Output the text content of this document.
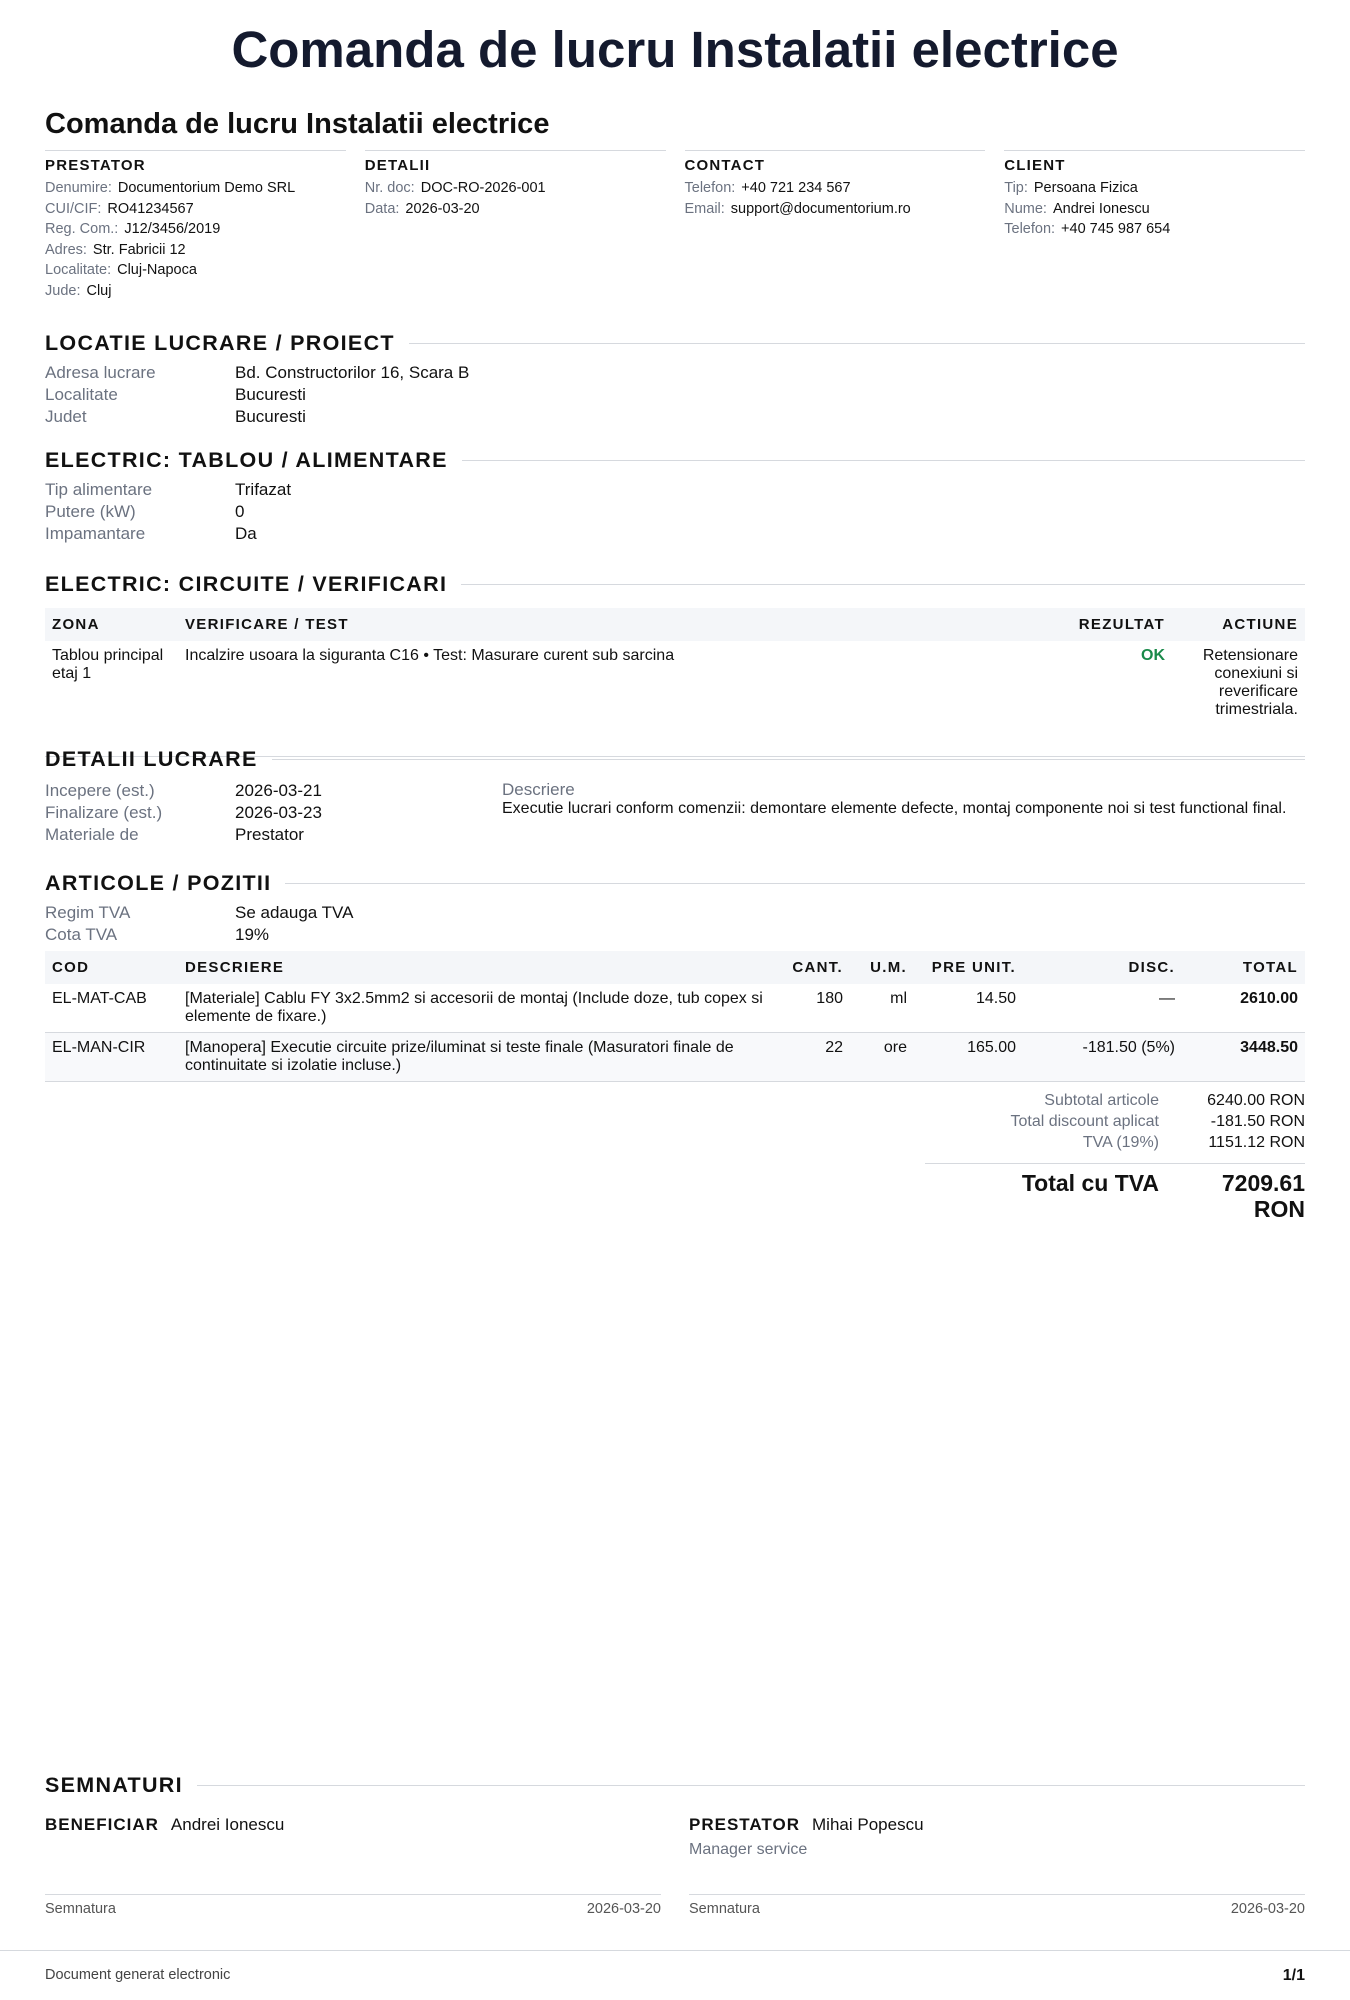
Comanda de lucru Instalatii electrice
Comanda de lucru Instalatii electrice
PRESTATOR
Denumire: Documentorium Demo SRL
CUI/CIF: RO41234567
Reg. Com.: J12/3456/2019
Adres: Str. Fabricii 12
Localitate: Cluj-Napoca
Jude: Cluj
DETALII
Nr. doc: DOC-RO-2026-001
Data: 2026-03-20
CONTACT
Telefon: +40 721 234 567
Email: support@documentorium.ro
CLIENT
Tip: Persoana Fizica
Nume: Andrei Ionescu
Telefon: +40 745 987 654
LOCATIE LUCRARE / PROIECT
Adresa lucrare	Bd. Constructorilor 16, Scara B
Localitate	Bucuresti
Judet	Bucuresti
ELECTRIC: TABLOU / ALIMENTARE
Tip alimentare	Trifazat
Putere (kW)	0
Impamantare	Da
ELECTRIC: CIRCUITE / VERIFICARI
ZONA	VERIFICARE / TEST	REZULTAT	ACTIUNE
Tablou principal etaj 1	Incalzire usoara la siguranta C16 • Test: Masurare curent sub sarcina	OK	Retensionare conexiuni si reverificare trimestriala.
DETALII LUCRARE
Incepere (est.)	2026-03-21
Finalizare (est.)	2026-03-23
Materiale de	Prestator
Descriere
Executie lucrari conform comenzii: demontare elemente defecte, montaj componente noi si test functional final.
ARTICOLE / POZITII
Regim TVA	Se adauga TVA
Cota TVA	19%
COD	DESCRIERE	CANT.	U.M.	PRE UNIT.	DISC.	TOTAL
EL-MAT-CAB	[Materiale] Cablu FY 3x2.5mm2 si accesorii de montaj (Include doze, tub copex si elemente de fixare.)	180	ml	14.50	—	2610.00
EL-MAN-CIR	[Manopera] Executie circuite prize/iluminat si teste finale (Masuratori finale de continuitate si izolatie incluse.)	22	ore	165.00	-181.50 (5%)	3448.50
Subtotal articole	6240.00 RON
Total discount aplicat	-181.50 RON
TVA (19%)	1151.12 RON
Total cu TVA	7209.61 RON
SEMNATURI
BENEFICIAR Andrei Ionescu	PRESTATOR Mihai Popescu
Manager service
Semnatura	2026-03-20 Semnatura	2026-03-20
Document generat electronic	1/1
